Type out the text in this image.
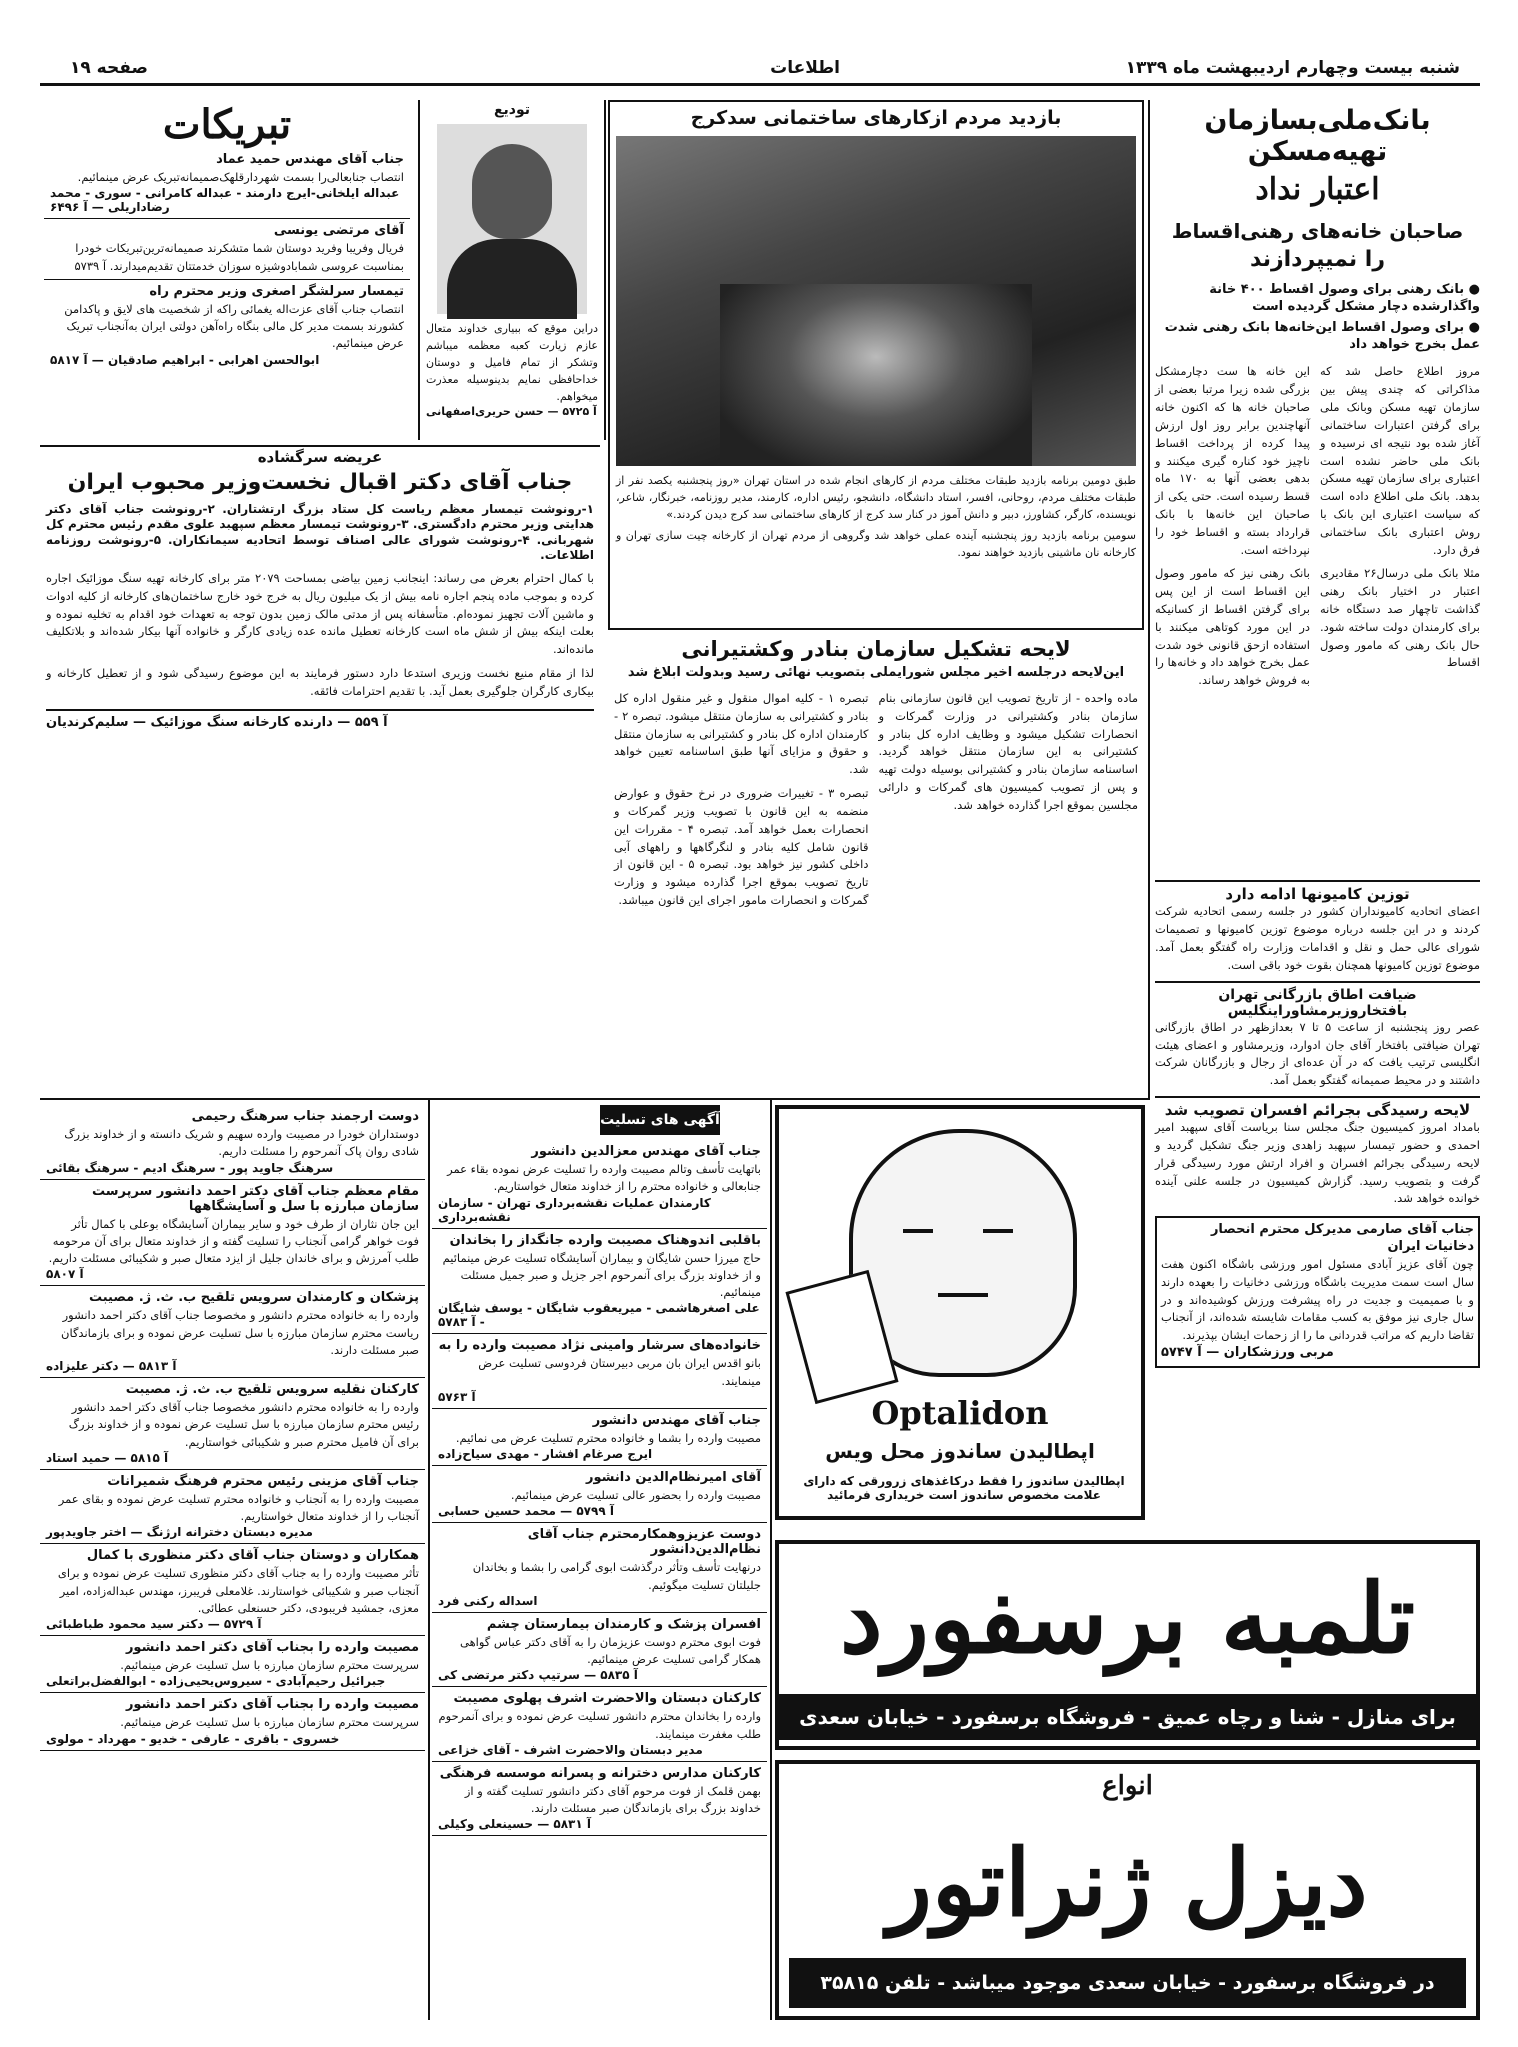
شنبه بیست وچهارم اردیبهشت ماه ۱۳۳۹
اطلاعات
صفحه ۱۹
بانک‌ملی‌بسازمان تهیه‌مسکن
اعتبار نداد
صاحبان خانه‌های رهنی‌اقساط
را نمیپردازند
● بانک رهنی برای وصول اقساط ۴۰۰ خانة واگذارشده دچار مشکل گردیده است
● برای وصول اقساط این‌خانه‌ها بانک رهنی شدت عمل بخرج خواهد داد

مروز اطلاع حاصل شد که مذاکراتی که چندی پیش بین سازمان تهیه مسکن وبانک ملی برای گرفتن اعتبارات ساختمانی آغاز شده بود نتیجه ای نرسیده و بانک ملی حاضر نشده است اعتباری برای سازمان تهیه مسکن بدهد. بانک ملی اطلاع داده است که سیاست اعتباری این بانک با روش اعتباری بانک ساختمانی فرق دارد.

مثلا بانک ملی درسال۲۶ مقادیری اعتبار در اختیار بانک رهنی گذاشت تاچهار صد دستگاه خانه برای کارمندان دولت ساخته شود. حال بانک رهنی که مامور وصول اقساط

این خانه ها ست دچارمشکل بزرگی شده زیرا مرتبا بعضی از صاحبان خانه ها که اکنون خانه آنهاچندین برابر روز اول ارزش پیدا کرده از پرداخت اقساط ناچیز خود کناره گیری میکنند و بدهی بعضی آنها به ۱۷۰ ماه قسط رسیده است. حتی یکی از صاحبان این خانه‌ها با بانک قرارداد بسته و اقساط خود را نپرداخته است.

بانک رهنی نیز که مامور وصول این اقساط است از این پس برای گرفتن اقساط از کسانیکه در این مورد کوتاهی میکنند با استفاده ازحق قانونی خود شدت عمل بخرج خواهد داد و خانه‌ها را به فروش خواهد رساند.

بازدید مردم ازکارهای ساختمانی سدکرج
طبق دومین برنامه بازدید طبقات مختلف مردم از کارهای انجام شده در استان تهران «روز پنجشنبه یکصد نفر از طبقات مختلف مردم، روحانی، افسر، استاد دانشگاه، دانشجو، رئیس اداره، کارمند، مدیر روزنامه، خبرنگار، شاعر، نویسنده، کارگر، کشاورز، دبیر و دانش آموز در کنار سد کرج از کارهای ساختمانی سد کرج دیدن کردند.»
سومین برنامه بازدید روز پنجشنبه آینده عملی خواهد شد وگروهی از مردم تهران از کارخانه چیت سازی تهران و کارخانه نان ماشینی بازدید خواهند نمود.
تودیع
دراین موقع که ببیاری خداوند متعال عازم زیارت کعبه معظمه میباشم وتشکر از تمام فامیل و دوستان خداحافظی نمایم بدینوسیله معذرت میخواهم.
آ ۵۷۲۵ — حسن حریری‌اصفهانی
تبریکات
جناب آقای مهندس حمید عماد
انتصاب جنابعالی‌را بسمت شهردارقلهک‌صمیمانه‌تبریک عرض مینمائیم.
عبداله ایلخانی-ایرج دارمند - عبداله کامرانی - سوری - محمد رضاداریلی — آ ۶۴۹۶
آقای مرتضی یونسی
فریال وفریبا وفرید دوستان شما متشکرند صمیمانه‌ترین‌تبریکات خودرا بمناسبت عروسی شمابادوشیزه سوزان خدمتتان تقدیم‌میدارند. آ ۵۷۳۹
تیمسار سرلشگر اصغری وزیر محترم راه
انتصاب جناب آقای عزت‌اله یغمائی راکه از شخصیت های لایق و پاکدامن کشورند بسمت مدیر کل مالی بنگاه راه‌آهن دولتی ایران به‌آنجناب تبریک عرض مینمائیم.
ابوالحسن اهرابی - ابراهیم صادقیان — آ ۵۸۱۷
عریضه سرگشاده
جناب آقای دکتر اقبال نخست‌وزیر محبوب ایران
۱-رونوشت تیمسار معظم ریاست کل ستاد بزرگ ارتشتاران. ۲-رونوشت جناب آقای دکتر هدایتی وزیر محترم دادگستری. ۳-رونوشت تیمسار معظم سپهبد علوی مقدم رئیس محترم کل شهربانی. ۴-رونوشت شورای عالی اصناف توسط اتحادیه سیمانکاران. ۵-رونوشت روزنامه اطلاعات.
با کمال احترام بعرض می رساند: اینجانب زمین بیاضی بمساحت ۲۰۷۹ متر برای کارخانه تهیه سنگ موزائیک اجاره کرده و بموجب ماده پنجم اجاره نامه بیش از یک میلیون ریال به خرج خود خارج ساختمان‌های کارخانه از کلیه ادوات و ماشین آلات تجهیز نموده‌ام. متأسفانه پس از مدتی مالک زمین بدون توجه به تعهدات خود اقدام به تخلیه نموده و بعلت اینکه بیش از شش ماه است کارخانه تعطیل مانده عده زیادی کارگر و خانواده آنها بیکار شده‌اند و بلاتکلیف مانده‌اند.
لذا از مقام منیع نخست وزیری استدعا دارد دستور فرمایند به این موضوع رسیدگی شود و از تعطیل کارخانه و بیکاری کارگران جلوگیری بعمل آید. با تقدیم احترامات فائقه.
آ ۵۵۹ — دارنده کارخانه سنگ موزائیک — سلیم‌کرندیان
لایحه تشکیل سازمان بنادر وکشتیرانی
این‌لایحه درجلسه اخیر مجلس شورایملی بتصویب نهائی رسید وبدولت ابلاغ شد
ماده واحده - از تاریخ تصویب این قانون سازمانی بنام سازمان بنادر وکشتیرانی در وزارت گمرکات و انحصارات تشکیل میشود و وظایف اداره کل بنادر و کشتیرانی به این سازمان منتقل خواهد گردید. اساسنامه سازمان بنادر و کشتیرانی بوسیله دولت تهیه و پس از تصویب کمیسیون های گمرکات و دارائی مجلسین بموقع اجرا گذارده خواهد شد.

تبصره ۱ - کلیه اموال منقول و غیر منقول اداره کل بنادر و کشتیرانی به سازمان منتقل میشود. تبصره ۲ - کارمندان اداره کل بنادر و کشتیرانی به سازمان منتقل و حقوق و مزایای آنها طبق اساسنامه تعیین خواهد شد.

تبصره ۳ - تغییرات ضروری در نرخ حقوق و عوارض منضمه به این قانون با تصویب وزیر گمرکات و انحصارات بعمل خواهد آمد. تبصره ۴ - مقررات این قانون شامل کلیه بنادر و لنگرگاهها و راههای آبی داخلی کشور نیز خواهد بود. تبصره ۵ - این قانون از تاریخ تصویب بموقع اجرا گذارده میشود و وزارت گمرکات و انحصارات مامور اجرای این قانون میباشد.	توزین کامیونها ادامه دارد
اعضای اتحادیه کامیونداران کشور در جلسه رسمی اتحادیه شرکت کردند و در این جلسه درباره موضوع توزین کامیونها و تصمیمات شورای عالی حمل و نقل و اقدامات وزارت راه گفتگو بعمل آمد. موضوع توزین کامیونها همچنان بقوت خود باقی است.
ضیافت اطاق بازرگانی تهران بافتخاروزیرمشاوراینگلیس
عصر روز پنجشنبه از ساعت ۵ تا ۷ بعدازظهر در اطاق بازرگانی تهران ضیافتی بافتخار آقای جان ادوارد، وزیرمشاور و اعضای هیئت انگلیسی ترتیب یافت که در آن عده‌ای از رجال و بازرگانان شرکت داشتند و در محیط صمیمانه گفتگو بعمل آمد.
لایحه رسیدگی بجرائم افسران تصویب شد
بامداد امروز کمیسیون جنگ مجلس سنا بریاست آقای سپهبد امیر احمدی و حضور تیمسار سپهبد زاهدی وزیر جنگ تشکیل گردید و لایحه رسیدگی بجرائم افسران و افراد ارتش مورد رسیدگی قرار گرفت و بتصویب رسید. گزارش کمیسیون در جلسه علنی آینده خوانده خواهد شد.
جناب آقای صارمی مدیرکل محترم انحصار دخانیات ایران
چون آقای عزیز آبادی مسئول امور ورزشی باشگاه اکنون هفت سال است سمت مدیریت باشگاه ورزشی دخانیات را بعهده دارند و با صمیمیت و جدیت در راه پیشرفت ورزش کوشیده‌اند و در سال جاری نیز موفق به کسب مقامات شایسته شده‌اند، از آنجناب تقاضا داریم که مراتب قدردانی ما را از زحمات ایشان بپذیرند.
مربی ورزشکاران — آ ۵۷۴۷
Optalidon
اپطالیدن ساندوز محل ویس
اپطالیدن ساندوز را فقط درکاغذهای زرورقی که دارای علامت مخصوص ساندوز است خریداری فرمائید
تلمبه برسفورد
برای منازل - شنا و رچاه عمیق - فروشگاه برسفورد - خیابان سعدی
انواع
دیزل ژنراتور
در فروشگاه برسفورد - خیابان سعدی موجود میباشد - تلفن ۳۵۸۱۵
آگهی های تسلیت
جناب آقای مهندس معزالدین دانشور
باتهایت تأسف وتالم مصیبت وارده را تسلیت عرض نموده بقاء عمر جنابعالی و خانواده محترم را از خداوند متعال خواستاریم.
کارمندان عملیات نقشه‌برداری تهران - سازمان نقشه‌برداری
باقلبی اندوهناک مصیبت وارده جانگداز را بخاندان
حاج میرزا حسن شایگان و بیماران آسایشگاه تسلیت عرض مینمائیم و از خداوند بزرگ برای آنمرحوم اجر جزیل و صبر جمیل مسئلت مینمائیم.
علی اصغرهاشمی - میریعقوب شایگان - یوسف شایگان - آ ۵۷۸۳
خانواده‌های سرشار وامینی نژاد مصیبت وارده را به
بانو اقدس ایران بان مربی دبیرستان فردوسی تسلیت عرض مینمایند.
آ ۵۷۶۳
جناب آقای مهندس دانشور
مصیبت وارده را بشما و خانواده محترم تسلیت عرض می نمائیم.
ایرج صرغام افشار - مهدی سیاح‌زاده
آقای امیرنظام‌الدین دانشور
مصیبت وارده را بحضور عالی تسلیت عرض مینمائیم.
آ ۵۷۹۹ — محمد حسین حسابی
دوست عزیزوهمکارمحترم جناب آقای نظام‌الدین‌دانشور
درنهایت تأسف وتأثر درگذشت ابوی گرامی را بشما و بخاندان جلیلتان تسلیت میگوئیم.
اسداله رکنی فرد
افسران پزشک و کارمندان بیمارستان چشم
فوت ابوی محترم دوست عزیزمان را به آقای دکتر عباس گواهی همکار گرامی تسلیت عرض مینمائیم.
آ ۵۸۳۵ — سرتیپ دکتر مرتضی کی
کارکنان دبستان والاحضرت اشرف پهلوی مصیبت
وارده را بخاندان محترم دانشور تسلیت عرض نموده و برای آنمرحوم طلب مغفرت مینمایند.
مدیر دبستان والاحضرت اشرف - آقای خزاعی
کارکنان مدارس دخترانه و پسرانه موسسه فرهنگی
بهمن قلمک از فوت مرحوم آقای دکتر دانشور تسلیت گفته و از خداوند بزرگ برای بازماندگان صبر مسئلت دارند.
آ ۵۸۳۱ — حسینعلی وکیلی
دوست ارجمند جناب سرهنگ رحیمی
دوستداران خودرا در مصیبت وارده سهیم و شریک دانسته و از خداوند بزرگ شادی روان پاک آنمرحوم را مسئلت داریم.
سرهنگ جاوید پور - سرهنگ ادیم - سرهنگ بقائی
مقام معظم جناب آقای دکتر احمد دانشور سرپرست سازمان مبارزه با سل و آسایشگاهها
این جان نثاران از طرف خود و سایر بیماران آسایشگاه بوعلی با کمال تأثر فوت خواهر گرامی آنجناب را تسلیت گفته و از خداوند متعال برای آن مرحومه طلب آمرزش و برای خاندان جلیل از ایزد متعال صبر و شکیبائی مسئلت داریم.
آ ۵۸۰۷
پزشکان و کارمندان سرویس تلقیح ب. ث. ژ. مصیبت
وارده را به خانواده محترم دانشور و مخصوصا جناب آقای دکتر احمد دانشور ریاست محترم سازمان مبارزه با سل تسلیت عرض نموده و برای بازماندگان صبر مسئلت دارند.
آ ۵۸۱۳ — دکتر علیزاده
کارکنان نقلیه سرویس تلقیح ب. ث. ژ. مصیبت
وارده را به خانواده محترم دانشور مخصوصا جناب آقای دکتر احمد دانشور رئیس محترم سازمان مبارزه با سل تسلیت عرض نموده و از خداوند بزرگ برای آن فامیل محترم صبر و شکیبائی خواستاریم.
آ ۵۸۱۵ — حمید استاد
جناب آقای مزینی رئیس محترم فرهنگ شمیرانات
مصیبت وارده را به آنجناب و خانواده محترم تسلیت عرض نموده و بقای عمر آنجناب را از خداوند متعال خواستاریم.
مدیره دبستان دخترانه ارژنگ — اختر جاویدپور
همکاران و دوستان جناب آقای دکتر منظوری با کمال
تأثر مصیبت وارده را به جناب آقای دکتر منظوری تسلیت عرض نموده و برای آنجناب صبر و شکیبائی خواستارند. غلامعلی فریبرز، مهندس عبداله‌زاده، امیر معزی، جمشید فریبودی، دکتر حسنعلی عطائی.
آ ۵۷۲۹ — دکتر سید محمود طباطبائی
مصیبت وارده را بجناب آقای دکتر احمد دانشور
سرپرست محترم سازمان مبارزه با سل تسلیت عرض مینمائیم.
جبرائیل رحیم‌آبادی - سیروس‌یحیی‌زاده - ابوالفضل‌براتعلی
مصیبت وارده را بجناب آقای دکتر احمد دانشور
سرپرست محترم سازمان مبارزه با سل تسلیت عرض مینمائیم.
خسروی - باقری - عارفی - خدیو - مهرداد - مولوی
